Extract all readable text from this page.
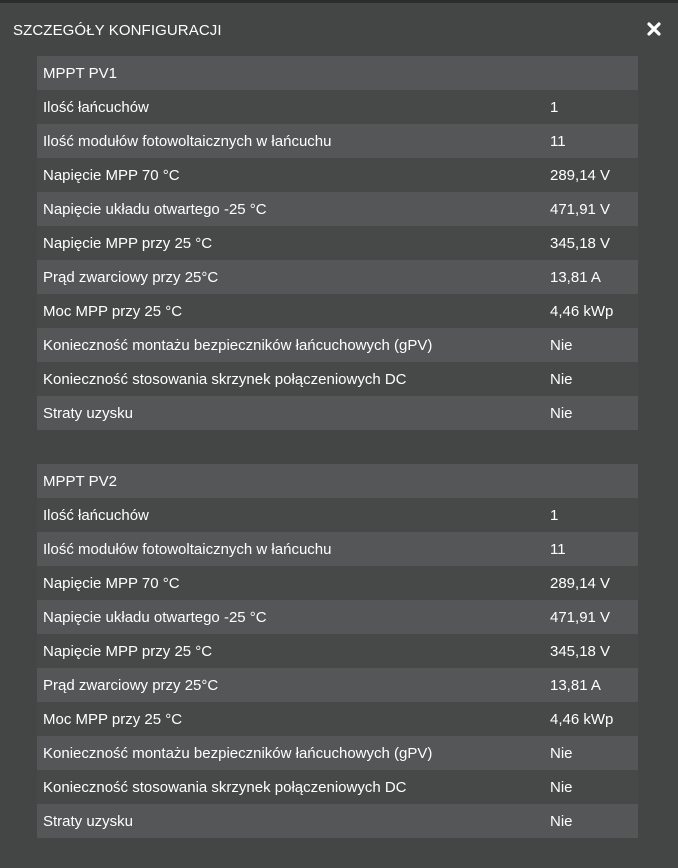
SZCZEGÓŁY KONFIGURACJI
MPPT PV1
Ilość łańcuchów	1
Ilość modułów fotowoltaicznych w łańcuchu	11
Napięcie MPP 70 °C	289,14 V
Napięcie układu otwartego -25 °C	471,91 V
Napięcie MPP przy 25 °C	345,18 V
Prąd zwarciowy przy 25°C	13,81 A
Moc MPP przy 25 °C	4,46 kWp
Konieczność montażu bezpieczników łańcuchowych (gPV)	Nie
Konieczność stosowania skrzynek połączeniowych DC	Nie
Straty uzysku	Nie
MPPT PV2
Ilość łańcuchów	1
Ilość modułów fotowoltaicznych w łańcuchu	11
Napięcie MPP 70 °C	289,14 V
Napięcie układu otwartego -25 °C	471,91 V
Napięcie MPP przy 25 °C	345,18 V
Prąd zwarciowy przy 25°C	13,81 A
Moc MPP przy 25 °C	4,46 kWp
Konieczność montażu bezpieczników łańcuchowych (gPV)	Nie
Konieczność stosowania skrzynek połączeniowych DC	Nie
Straty uzysku	Nie
